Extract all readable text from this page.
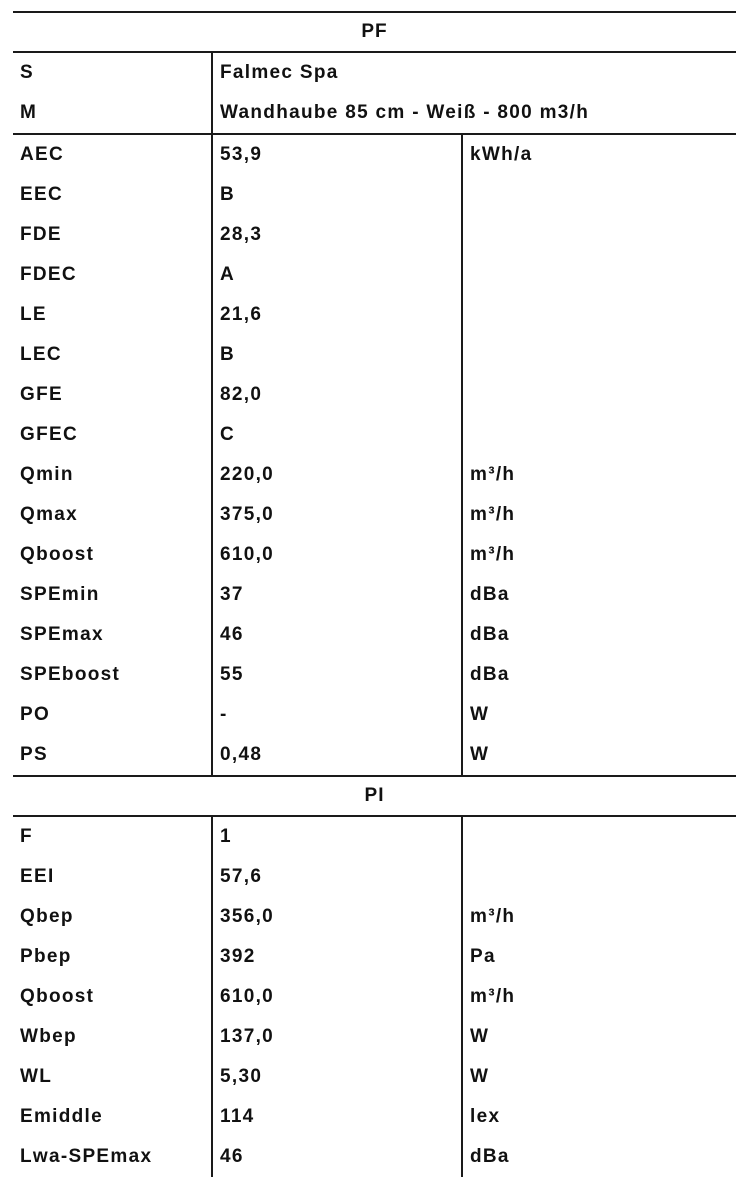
PF
S	Falmec Spa
M	Wandhaube 85 cm - Weiß - 800 m3/h
AEC	53,9	kWh/a
EEC	B
FDE	28,3
FDEC	A
LE	21,6
LEC	B
GFE	82,0
GFEC	C
Qmin	220,0	m³/h
Qmax	375,0	m³/h
Qboost	610,0	m³/h
SPEmin	37	dBa
SPEmax	46	dBa
SPEboost	55	dBa
PO	-	W
PS	0,48	W
PI
F	1
EEI	57,6
Qbep	356,0	m³/h
Pbep	392	Pa
Qboost	610,0	m³/h
Wbep	137,0	W
WL	5,30	W
Emiddle	114	lex
Lwa-SPEmax	46	dBa
